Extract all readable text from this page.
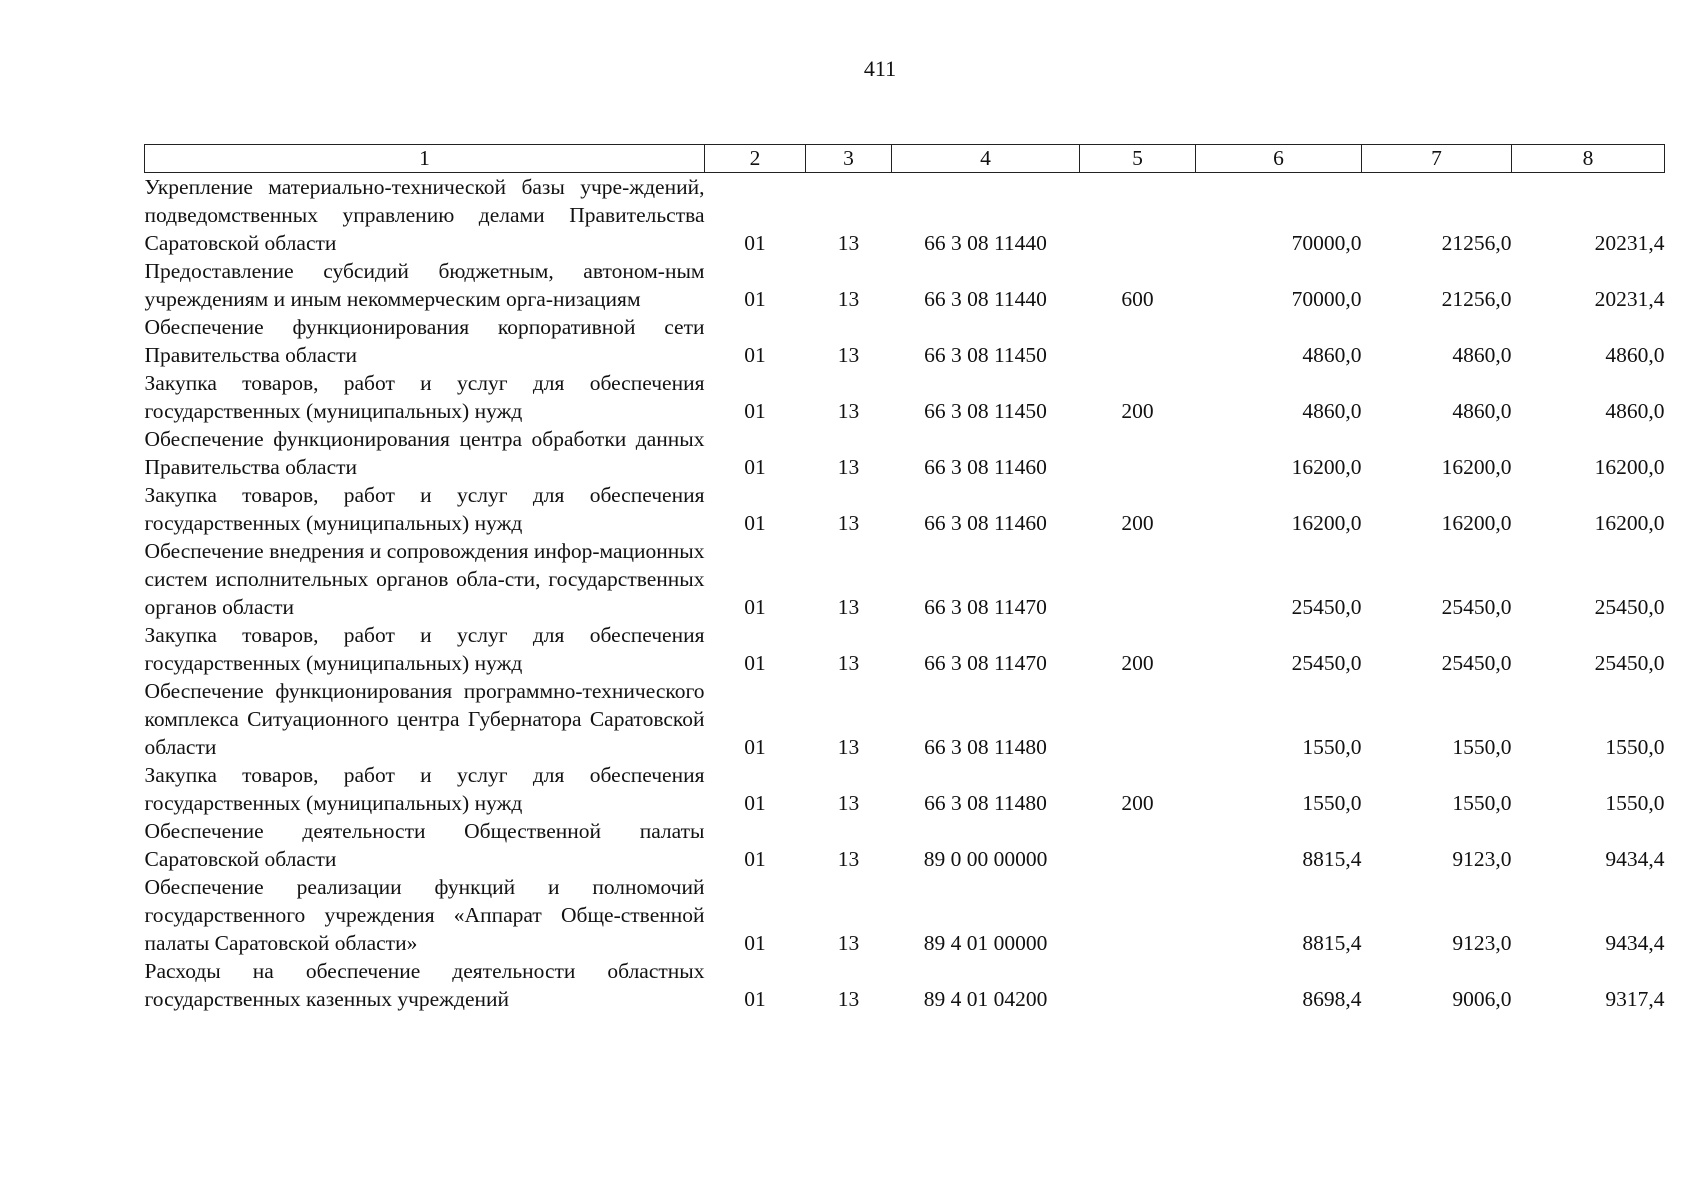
411
1	2	3	4	5	6	7	8
Укрепление материально-технической базы учре-ждений, подведомственных управлению делами Правительства Саратовской области	01	13	66 3 08 11440		70000,0	21256,0	20231,4
Предоставление субсидий бюджетным, автоном-ным учреждениям и иным некоммерческим орга-низациям	01	13	66 3 08 11440	600	70000,0	21256,0	20231,4
Обеспечение функционирования корпоративной сети Правительства области	01	13	66 3 08 11450		4860,0	4860,0	4860,0
Закупка товаров, работ и услуг для обеспечения государственных (муниципальных) нужд	01	13	66 3 08 11450	200	4860,0	4860,0	4860,0
Обеспечение функционирования центра обработки данных Правительства области	01	13	66 3 08 11460		16200,0	16200,0	16200,0
Закупка товаров, работ и услуг для обеспечения государственных (муниципальных) нужд	01	13	66 3 08 11460	200	16200,0	16200,0	16200,0
Обеспечение внедрения и сопровождения инфор-мационных систем исполнительных органов обла-сти, государственных органов области	01	13	66 3 08 11470		25450,0	25450,0	25450,0
Закупка товаров, работ и услуг для обеспечения государственных (муниципальных) нужд	01	13	66 3 08 11470	200	25450,0	25450,0	25450,0
Обеспечение функционирования программно-технического комплекса Ситуационного центра Губернатора Саратовской области	01	13	66 3 08 11480		1550,0	1550,0	1550,0
Закупка товаров, работ и услуг для обеспечения государственных (муниципальных) нужд	01	13	66 3 08 11480	200	1550,0	1550,0	1550,0
Обеспечение деятельности Общественной палаты Саратовской области	01	13	89 0 00 00000		8815,4	9123,0	9434,4
Обеспечение реализации функций и полномочий государственного учреждения «Аппарат Обще-ственной палаты Саратовской области»	01	13	89 4 01 00000		8815,4	9123,0	9434,4
Расходы на обеспечение деятельности областных государственных казенных учреждений	01	13	89 4 01 04200		8698,4	9006,0	9317,4
